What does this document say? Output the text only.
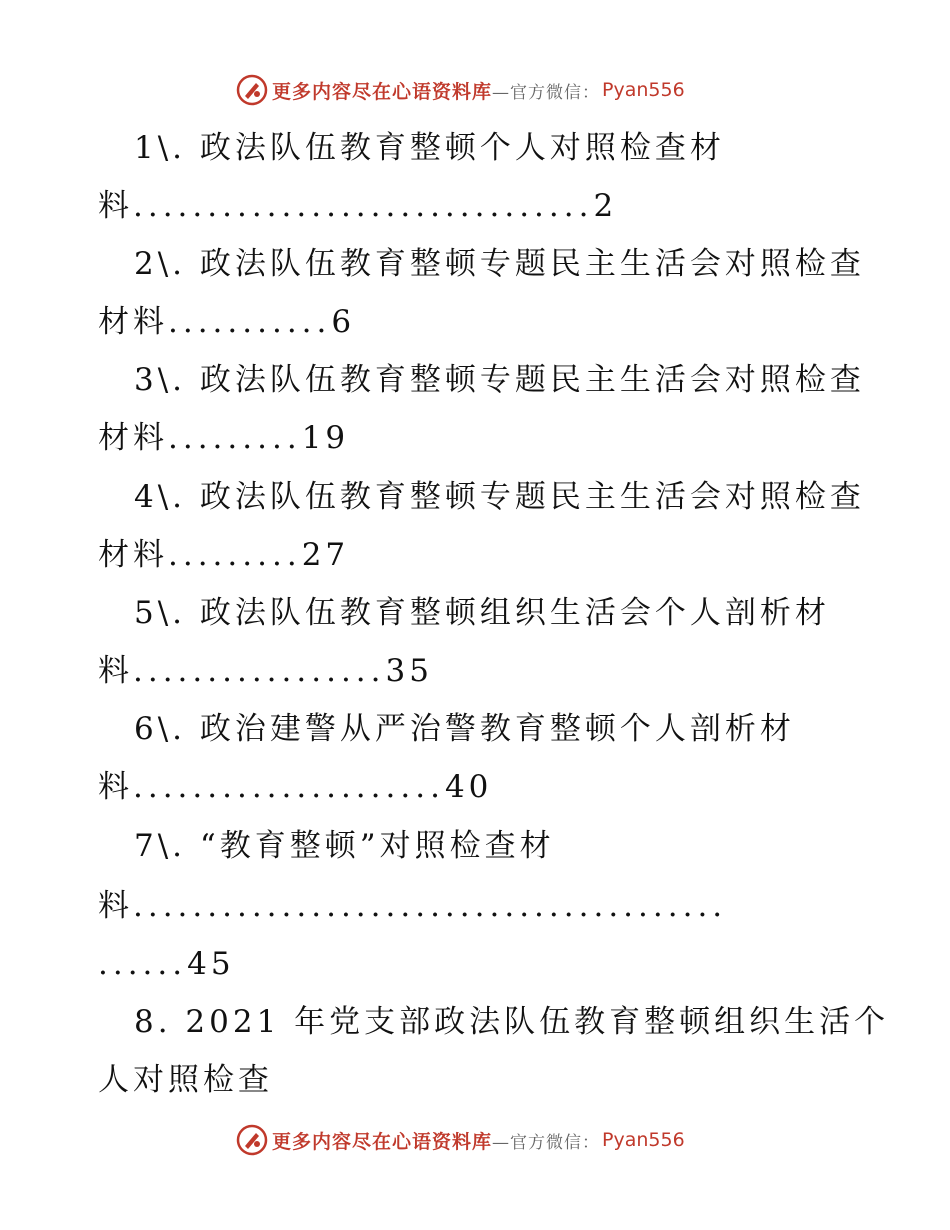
更多内容尽在心语资料库 —官方微信： Pyan556
1\. 政法队伍教育整顿个人对照检查材
料...............................2
2\. 政法队伍教育整顿专题民主生活会对照检查
材料...........6
3\. 政法队伍教育整顿专题民主生活会对照检查
材料.........19
4\. 政法队伍教育整顿专题民主生活会对照检查
材料.........27
5\. 政法队伍教育整顿组织生活会个人剖析材
料.................35
6\. 政治建警从严治警教育整顿个人剖析材
料.....................40
7\. “教育整顿”对照检查材
料........................................
......45
8. 2021 年党支部政法队伍教育整顿组织生活个
人对照检查
更多内容尽在心语资料库 —官方微信： Pyan556
